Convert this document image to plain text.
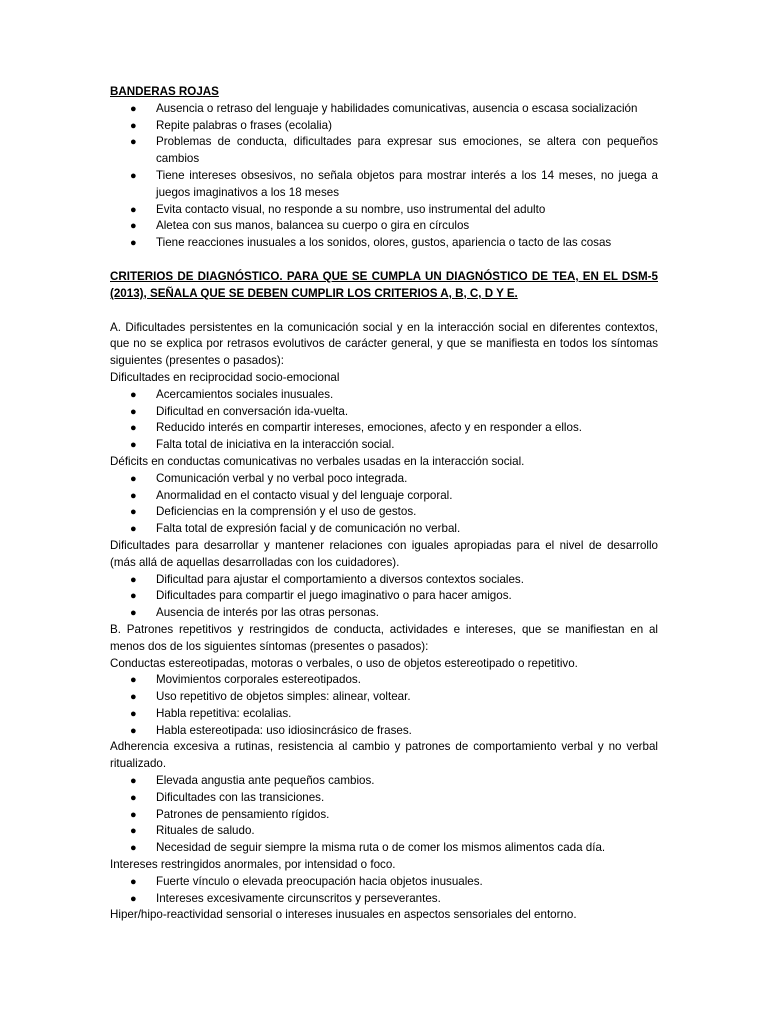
BANDERAS ROJAS
●	Ausencia o retraso del lenguaje y habilidades comunicativas, ausencia o escasa socialización
●	Repite palabras o frases (ecolalia)
●	Problemas de conducta, dificultades para expresar sus emociones, se altera con pequeños cambios
●	Tiene intereses obsesivos, no señala objetos para mostrar interés a los 14 meses, no juega a juegos imaginativos a los 18 meses
●	Evita contacto visual, no responde a su nombre, uso instrumental del adulto
●	Aletea con sus manos, balancea su cuerpo o gira en círculos
●	Tiene reacciones inusuales a los sonidos, olores, gustos, apariencia o tacto de las cosas
CRITERIOS DE DIAGNÓSTICO. PARA QUE SE CUMPLA UN DIAGNÓSTICO DE TEA, EN EL DSM-5 (2013), SEÑALA QUE SE DEBEN CUMPLIR LOS CRITERIOS A, B, C, D Y E.
A. Dificultades persistentes en la comunicación social y en la interacción social en diferentes contextos, que no se explica por retrasos evolutivos de carácter general, y que se manifiesta en todos los síntomas siguientes (presentes o pasados):
Dificultades en reciprocidad socio-emocional
●	Acercamientos sociales inusuales.
●	Dificultad en conversación ida-vuelta.
●	Reducido interés en compartir intereses, emociones, afecto y en responder a ellos.
●	Falta total de iniciativa en la interacción social.
Déficits en conductas comunicativas no verbales usadas en la interacción social.
●	Comunicación verbal y no verbal poco integrada.
●	Anormalidad en el contacto visual y del lenguaje corporal.
●	Deficiencias en la comprensión y el uso de gestos.
●	Falta total de expresión facial y de comunicación no verbal.
Dificultades para desarrollar y mantener relaciones con iguales apropiadas para el nivel de desarrollo (más allá de aquellas desarrolladas con los cuidadores).
●	Dificultad para ajustar el comportamiento a diversos contextos sociales.
●	Dificultades para compartir el juego imaginativo o para hacer amigos.
●	Ausencia de interés por las otras personas.
B. Patrones repetitivos y restringidos de conducta, actividades e intereses, que se manifiestan en al menos dos de los siguientes síntomas (presentes o pasados):
Conductas estereotipadas, motoras o verbales, o uso de objetos estereotipado o repetitivo.
●	Movimientos corporales estereotipados.
●	Uso repetitivo de objetos simples: alinear, voltear.
●	Habla repetitiva: ecolalias.
●	Habla estereotipada: uso idiosincrásico de frases.
Adherencia excesiva a rutinas, resistencia al cambio y patrones de comportamiento verbal y no verbal ritualizado.
●	Elevada angustia ante pequeños cambios.
●	Dificultades con las transiciones.
●	Patrones de pensamiento rígidos.
●	Rituales de saludo.
●	Necesidad de seguir siempre la misma ruta o de comer los mismos alimentos cada día.
Intereses restringidos anormales, por intensidad o foco.
●	Fuerte vínculo o elevada preocupación hacia objetos inusuales.
●	Intereses excesivamente circunscritos y perseverantes.
Hiper/hipo-reactividad sensorial o intereses inusuales en aspectos sensoriales del entorno.
